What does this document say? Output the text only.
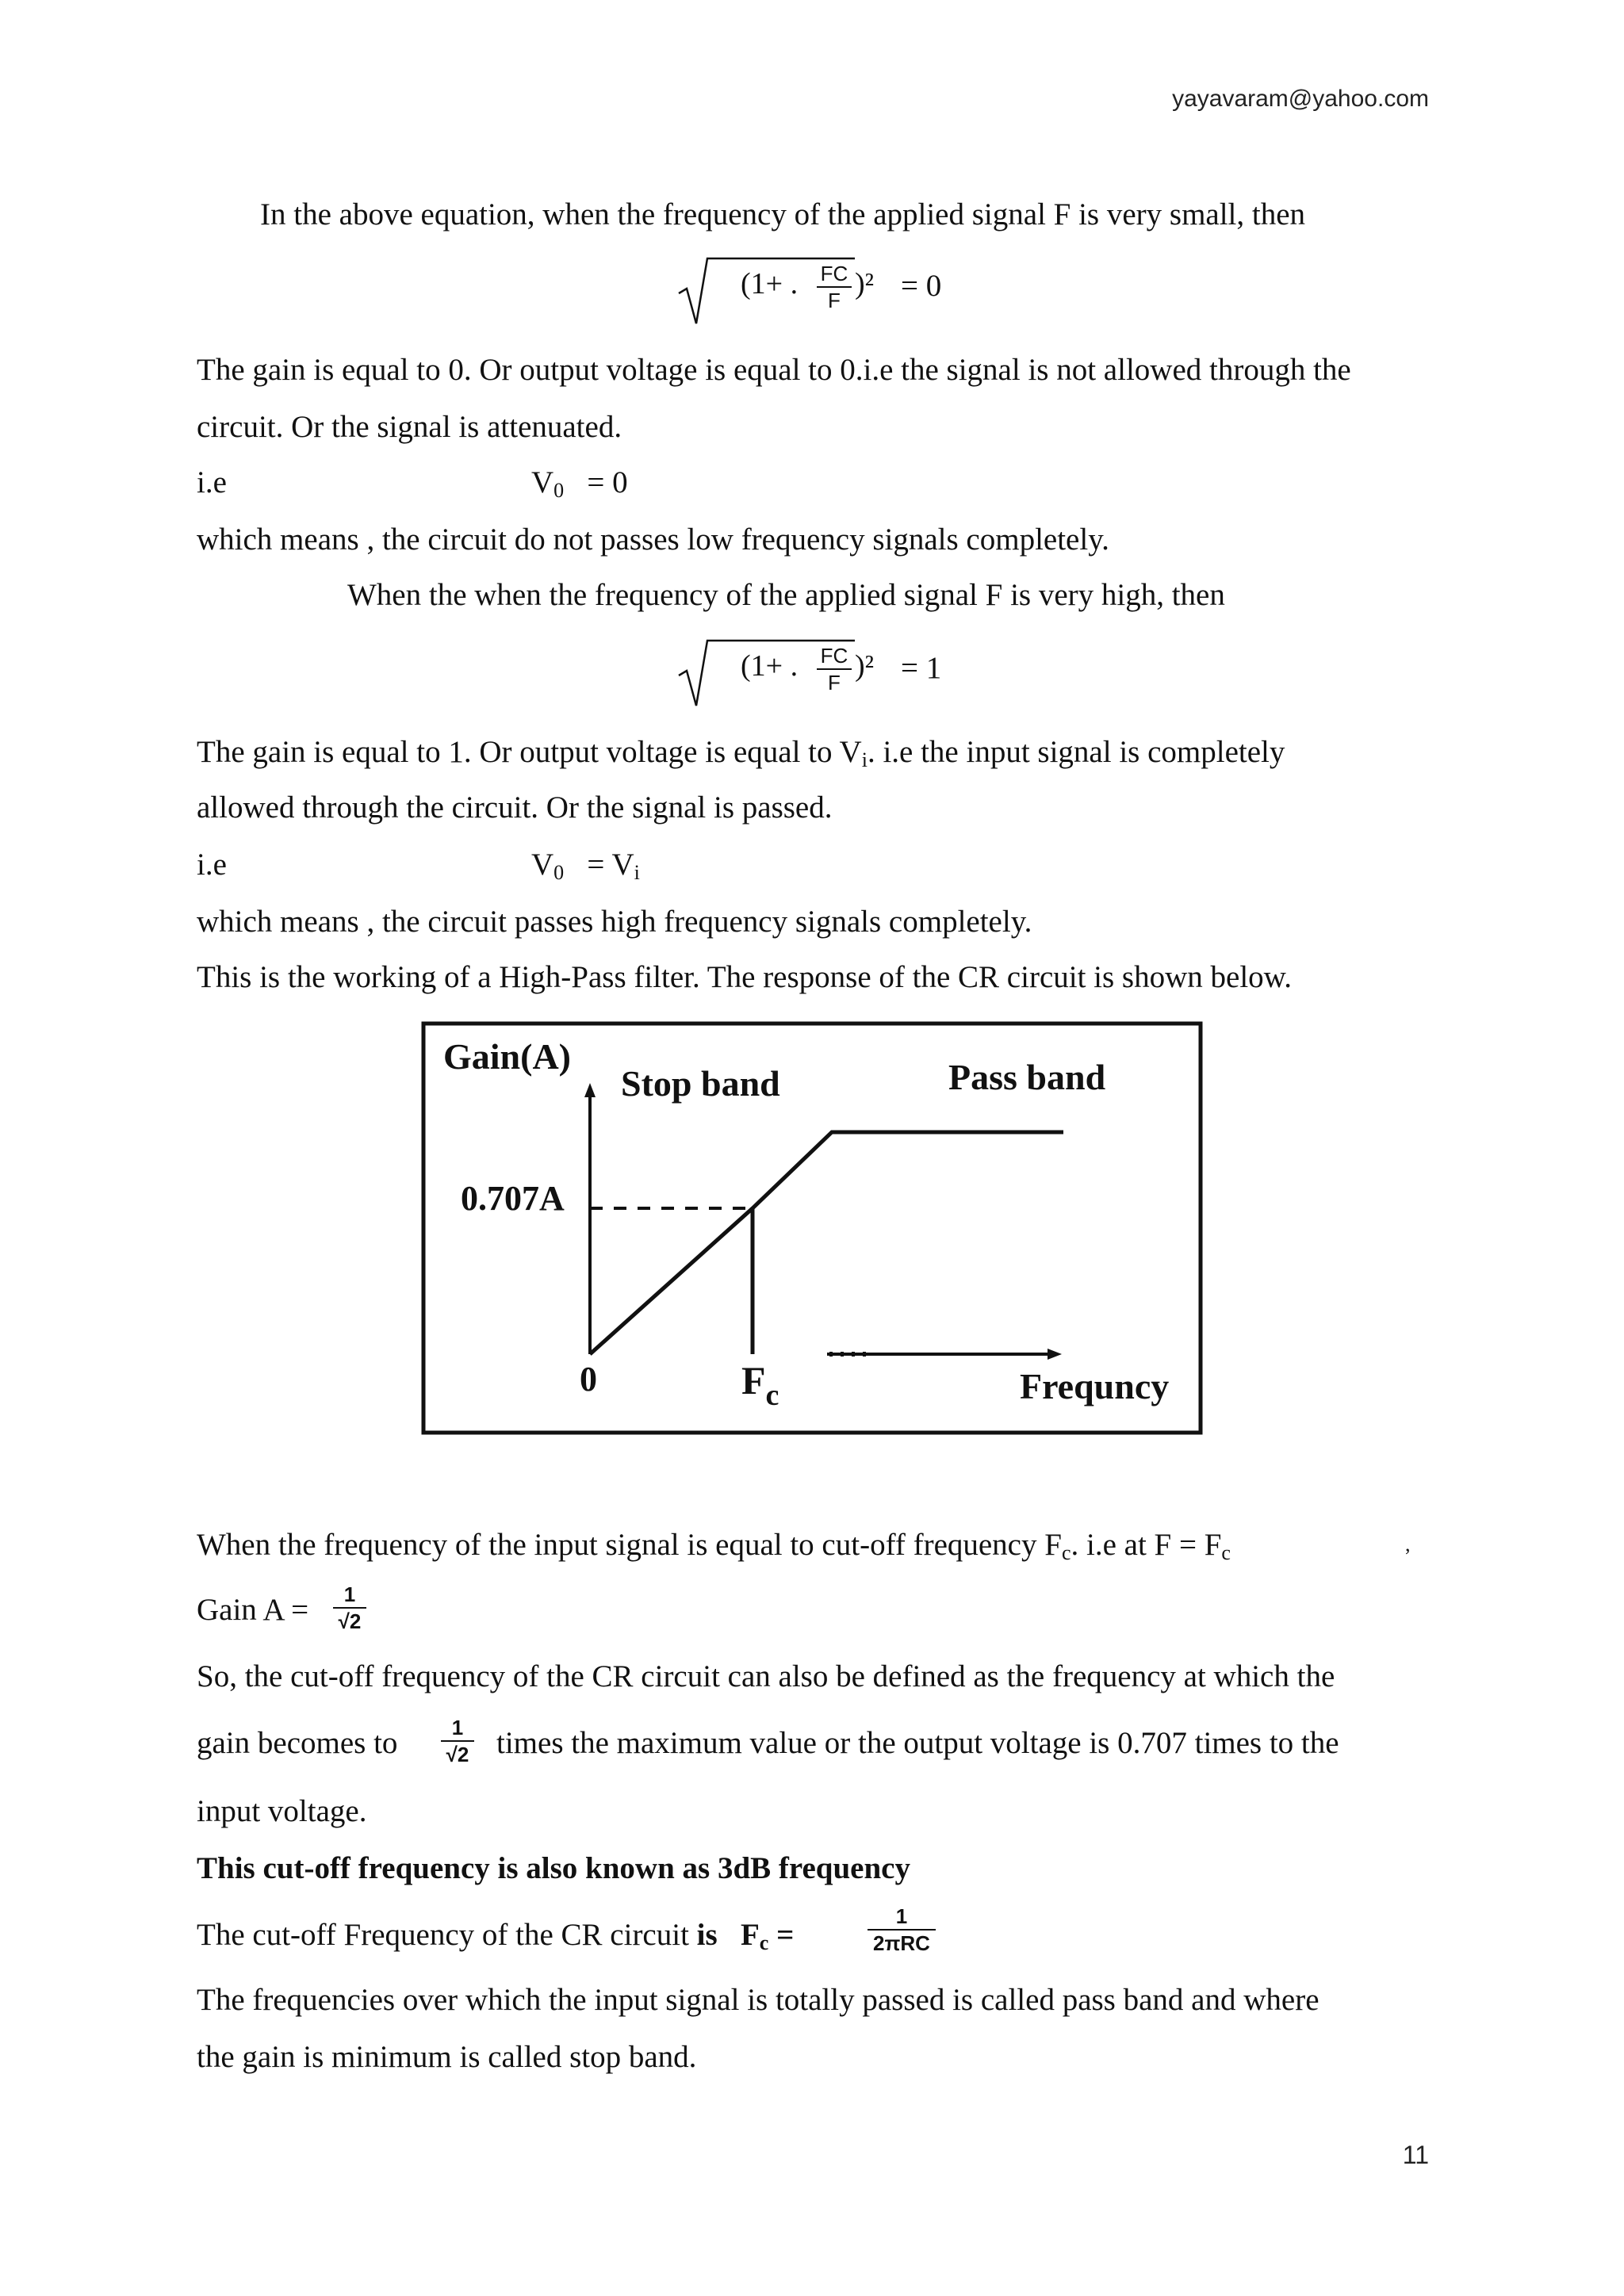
yayavaram@yahoo.com
In the above equation, when the frequency of the applied signal F is very small, then
(1+ . FC
F )² = 0
The gain is equal to 0. Or output voltage is equal to 0.i.e the signal is not allowed through the
circuit. Or the signal is attenuated.
i.e	$V_0 = 0$
which means , the circuit do not passes low frequency signals completely.
When the when the frequency of the applied signal F is very high, then
(1+ . FC
F )² = 1
The gain is equal to 1. Or output voltage is equal to $V_i$. i.e the input signal is completely
allowed through the circuit. Or the signal is passed.
i.e	$V_0 = V_i$
which means , the circuit passes high frequency signals completely.
This is the working of a High-Pass filter. The response of the CR circuit is shown below.
Gain(A)
Stop band	Pass band
0.707A
0	$F_c$	Frequncy
When the frequency of the input signal is equal to cut-off frequency $F_c$. i.e at $F = F_c$	,
Gain A =	1
√2
So, the cut-off frequency of the CR circuit can also be defined as the frequency at which the
gain becomes to	1
√2 times the maximum value or the output voltage is 0.707 times to the
input voltage.
This cut-off frequency is also known as 3dB frequency
The cut-off Frequency of the CR circuit is $F_c$ =
1
2πRC
The frequencies over which the input signal is totally passed is called pass band and where
the gain is minimum is called stop band.
11
